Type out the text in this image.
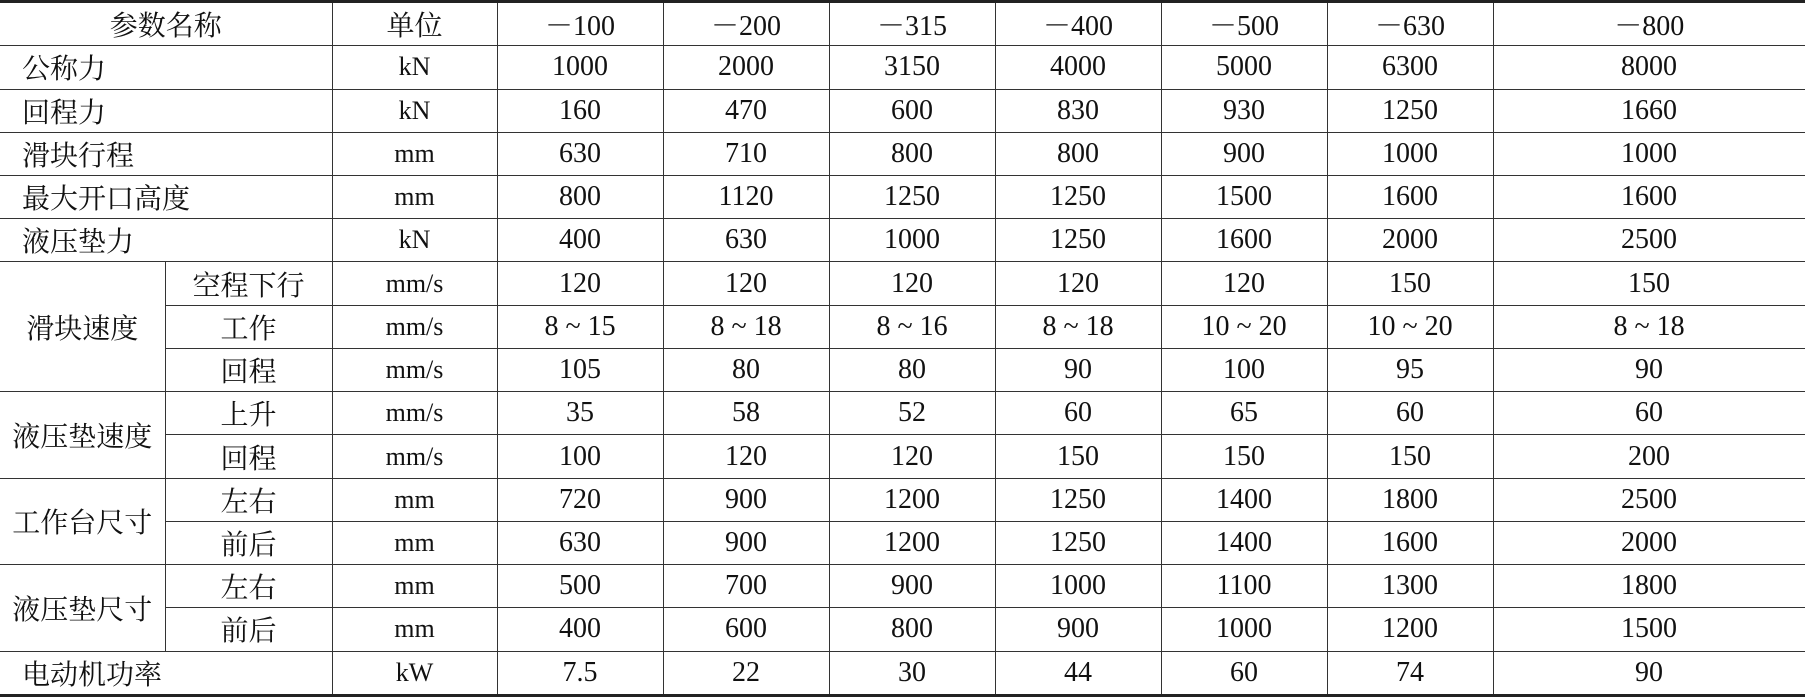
参数名称		单位	－100	－200	－315	－400	－500	－630	－800	
公称力		kN	1000	2000	3150	4000	5000	6300	8000	
回程力		kN	160	470	600	830	930	1250	1660	
滑块行程		mm	630	710	800	800	900	1000	1000	
最大开口高度		mm	800	1120	1250	1250	1500	1600	1600	
液压垫力		kN	400	630	1000	1250	1600	2000	2500	
滑块速度	空程下行	mm/s	120	120	120	120	120	150	150	
	工作	mm/s	8 ~ 15	8 ~ 18	8 ~ 16	8 ~ 18	10 ~ 20	10 ~ 20	8 ~ 18	
	回程	mm/s	105	80	80	90	100	95	90	
液压垫速度	上升	mm/s	35	58	52	60	65	60	60	
	回程	mm/s	100	120	120	150	150	150	200	
工作台尺寸	左右	mm	720	900	1200	1250	1400	1800	2500	
	前后	mm	630	900	1200	1250	1400	1600	2000	
液压垫尺寸	左右	mm	500	700	900	1000	1100	1300	1800	
	前后	mm	400	600	800	900	1000	1200	1500	
电动机功率		kW	7.5	22	30	44	60	74	90	
